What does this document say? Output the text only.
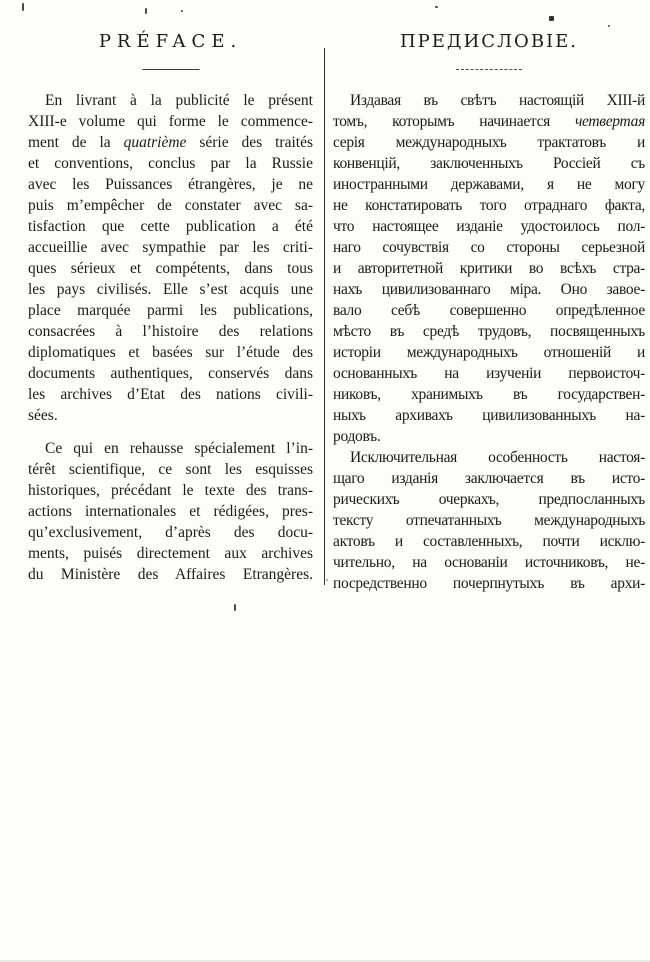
PRÉFACE.
En livrant à la publicité le présent
XIII-e volume qui forme le commence-
ment de la quatrième série des traités
et conventions, conclus par la Russie
avec les Puissances étrangères, je ne
puis m’empêcher de constater avec sa-
tisfaction que cette publication a été
accueillie avec sympathie par les criti-
ques sérieux et compétents, dans tous
les pays civilisés. Elle s’est acquis une
place marquée parmi les publications,
consacrées à l’histoire des relations
diplomatiques et basées sur l’étude des
documents authentiques, conservés dans
les archives d’Etat des nations civili-
sées.
Ce qui en rehausse spécialement l’in-
térêt scientifique, ce sont les esquisses
historiques, précédant le texte des trans-
actions internationales et rédigées, pres-
qu’exclusivement, d’après des docu-
ments, puisés directement aux archives
du Ministère des Affaires Etrangères.
ПРЕДИСЛОВІЕ.
Издавая въ свѣтъ настоящій XIII-й
томъ, которымъ начинается четвертая
серія международныхъ трактатовъ и
конвенцій, заключенныхъ Россіей съ
иностранными державами, я не могу
не констатировать того отраднаго факта,
что настоящее изданіе удостоилось пол-
наго сочувствія со стороны серьезной
и авторитетной критики во всѣхъ стра-
нахъ цивилизованнаго міра. Оно завое-
вало себѣ совершенно опредѣленное
мѣсто въ средѣ трудовъ, посвященныхъ
исторіи международныхъ отношеній и
основанныхъ на изученіи первоисточ-
никовъ, хранимыхъ въ государствен-
ныхъ архивахъ цивилизованныхъ на-
родовъ.
Исключительная особенность настоя-
щаго изданія заключается въ исто-
рическихъ очеркахъ, предпосланныхъ
тексту отпечатанныхъ международныхъ
актовъ и составленныхъ, почти исклю-
чительно, на основаніи источниковъ, не-
посредственно почерпнутыхъ въ архи-
